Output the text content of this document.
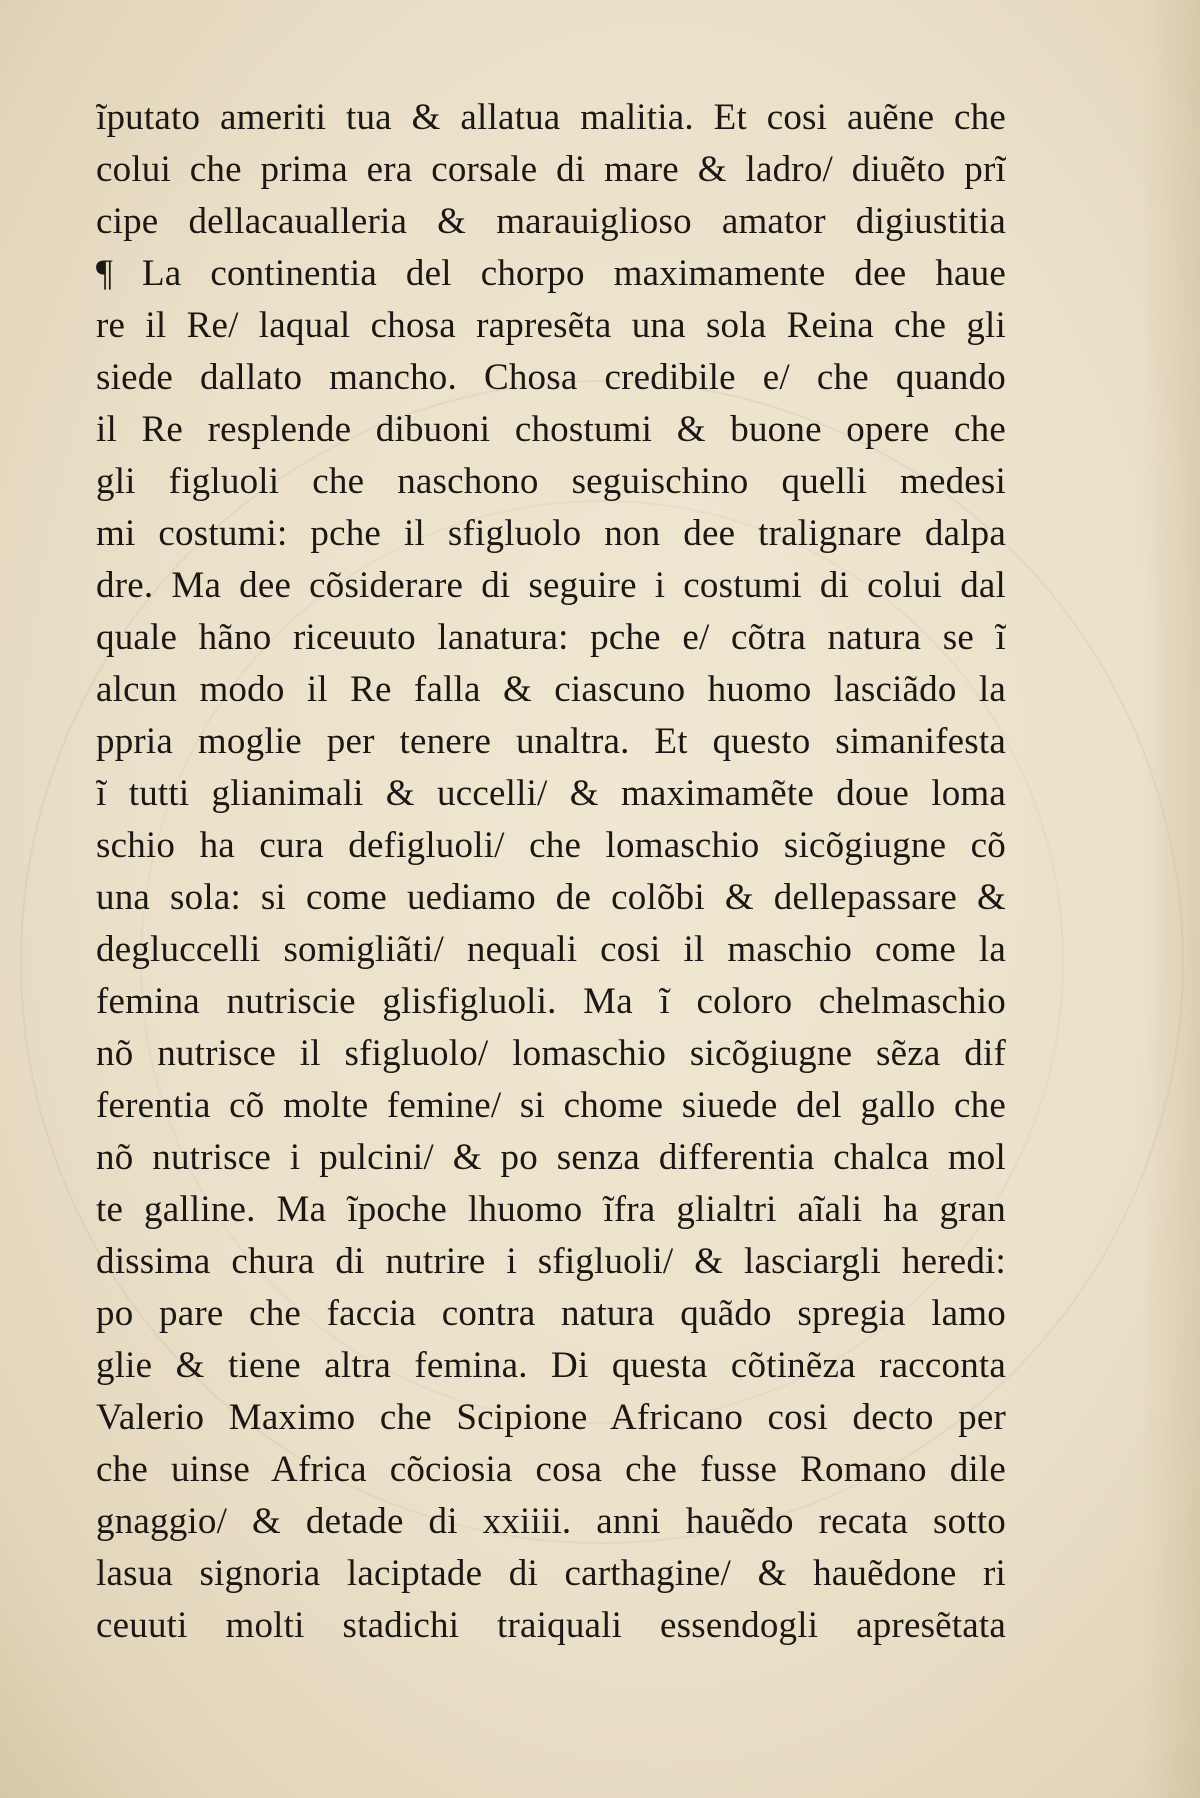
ĩputato ameriti tua & allatua malitia. Et cosi auẽne che
colui che prima era corsale di mare & ladro/ diuẽto prĩ
cipe dellacaualleria & marauiglioso amator digiustitia
¶ La continentia del chorpo maximamente dee haue
re il Re/ laqual chosa rapresẽta una sola Reina che gli
siede dallato mancho. Chosa credibile e/ che quando
il Re resplende dibuoni chostumi & buone opere che
gli figluoli che naschono seguischino quelli medesi
mi costumi: pche il sfigluolo non dee tralignare dalpa
dre. Ma dee cõsiderare di seguire i costumi di colui dal
quale hãno riceuuto lanatura: pche e/ cõtra natura se ĩ
alcun modo il Re falla & ciascuno huomo lasciãdo la
ppria moglie per tenere unaltra. Et questo simanifesta
ĩ tutti glianimali & uccelli/ & maximamẽte doue loma
schio ha cura defigluoli/ che lomaschio sicõgiugne cõ
una sola: si come uediamo de colõbi & dellepassare &
degluccelli somigliãti/ nequali cosi il maschio come la
femina nutriscie glisfigluoli. Ma ĩ coloro chelmaschio
nõ nutrisce il sfigluolo/ lomaschio sicõgiugne sẽza dif
ferentia cõ molte femine/ si chome siuede del gallo che
nõ nutrisce i pulcini/ & po senza differentia chalca mol
te galline. Ma ĩpoche lhuomo ĩfra glialtri aĩali ha gran
dissima chura di nutrire i sfigluoli/ & lasciargli heredi:
po pare che faccia contra natura quãdo spregia lamo
glie & tiene altra femina. Di questa cõtinẽza racconta
Valerio Maximo che Scipione Africano cosi decto per
che uinse Africa cõciosia cosa che fusse Romano dile
gnaggio/ & detade di xxiiii. anni hauẽdo recata sotto
lasua signoria laciptade di carthagine/ & hauẽdone ri
ceuuti molti stadichi traiquali essendogli apresẽtata
